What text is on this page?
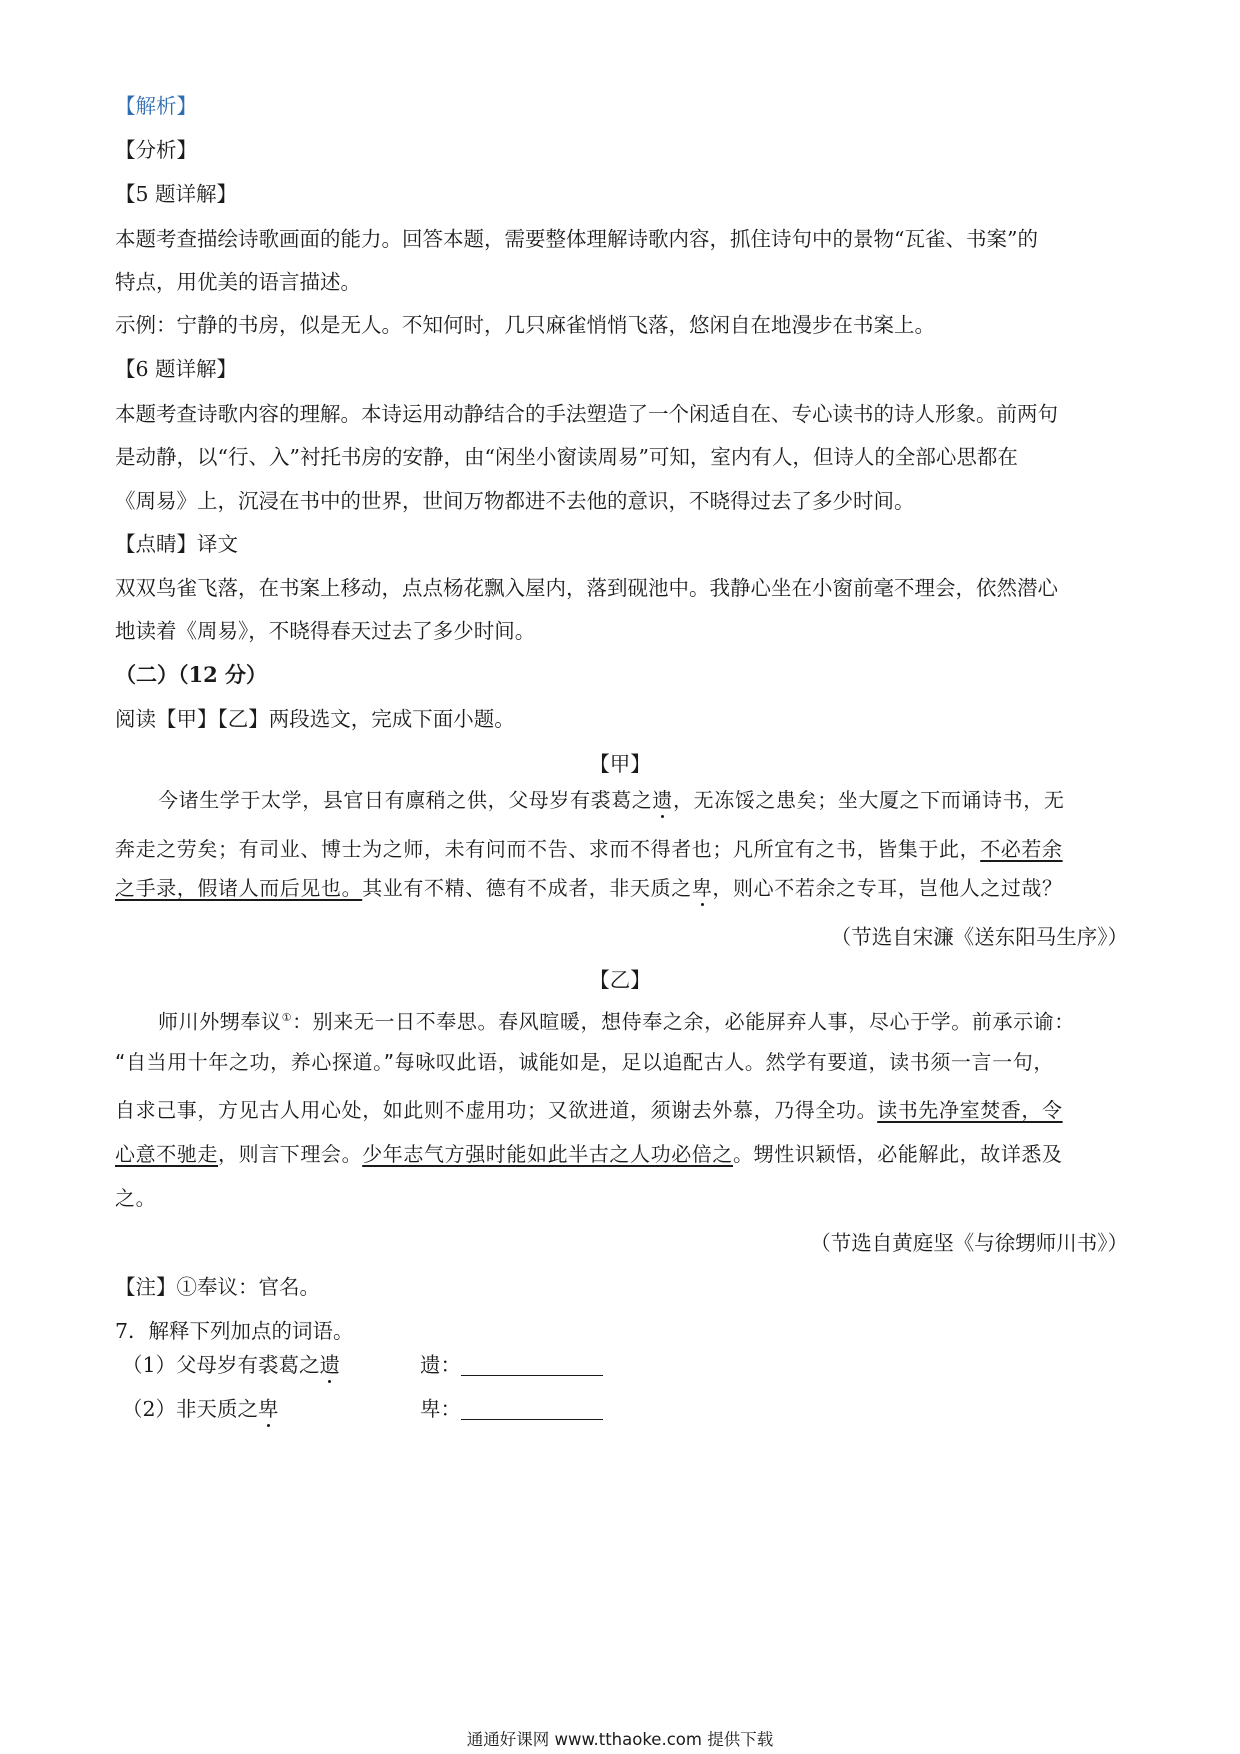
【解析】
【分析】
【5 题详解】
本题考查描绘诗歌画面的能力。回答本题，需要整体理解诗歌内容，抓住诗句中的景物“瓦雀、书案”的
特点，用优美的语言描述。
示例：宁静的书房，似是无人。不知何时，几只麻雀悄悄飞落，悠闲自在地漫步在书案上。
【6 题详解】
本题考查诗歌内容的理解。本诗运用动静结合的手法塑造了一个闲适自在、专心读书的诗人形象。前两句
是动静，以“行、入”衬托书房的安静，由“闲坐小窗读周易”可知，室内有人，但诗人的全部心思都在
《周易》上，沉浸在书中的世界，世间万物都进不去他的意识，不晓得过去了多少时间。
【点睛】译文
双双鸟雀飞落，在书案上移动，点点杨花飘入屋内，落到砚池中。我静心坐在小窗前毫不理会，依然潜心
地读着《周易》，不晓得春天过去了多少时间。
（二）（12 分）
阅读【甲】【乙】两段选文，完成下面小题。
【甲】
今诸生学于太学，县官日有廪稍之供，父母岁有裘葛之遗，无冻馁之患矣；坐大厦之下而诵诗书，无
奔走之劳矣；有司业、博士为之师，未有问而不告、求而不得者也；凡所宜有之书，皆集于此，不必若余
之手录，假诸人而后见也。其业有不精、德有不成者，非天质之卑，则心不若余之专耳，岂他人之过哉？
（节选自宋濂《送东阳马生序》）
【乙】
师川外甥奉议①：别来无一日不奉思。春风暄暖，想侍奉之余，必能屏弃人事，尽心于学。前承示谕：
“自当用十年之功，养心探道。”每咏叹此语，诚能如是，足以追配古人。然学有要道，读书须一言一句，
自求己事，方见古人用心处，如此则不虚用功；又欲进道，须谢去外慕，乃得全功。读书先净室焚香，令
心意不驰走，则言下理会。少年志气方强时能如此半古之人功必倍之。甥性识颖悟，必能解此，故详悉及
之。
（节选自黄庭坚《与徐甥师川书》）
【注】①奉议：官名。
7．解释下列加点的词语。
（1）父母岁有裘葛之遗	遗：
（2）非天质之卑	卑：
通通好课网 www.tthaoke.com 提供下载
